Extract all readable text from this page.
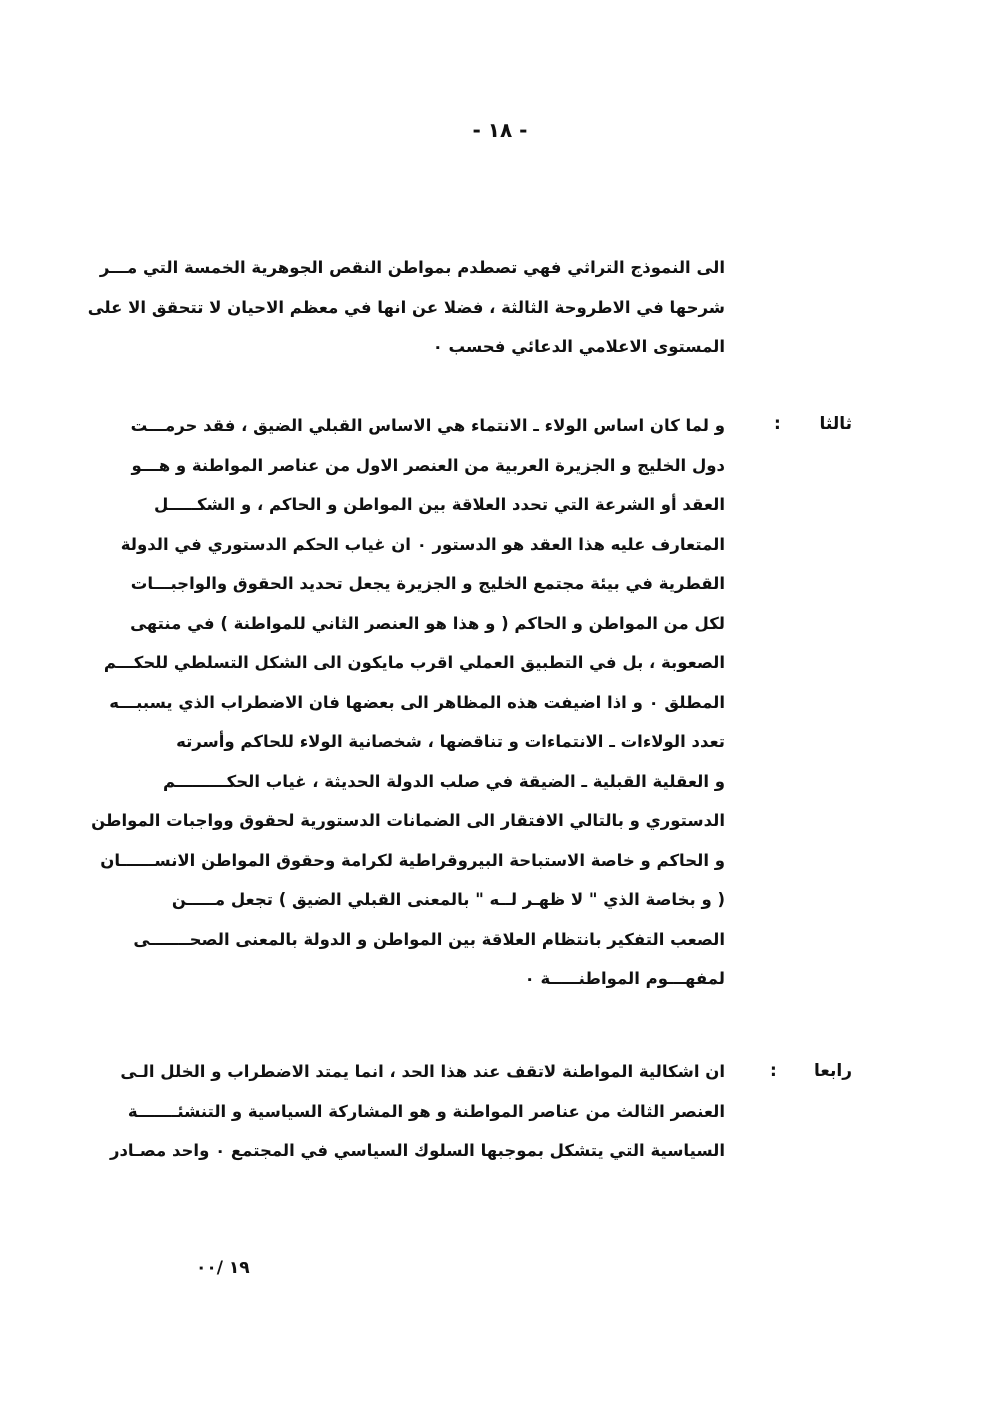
- ١٨ -
الى النموذج التراثي فهي تصطدم بمواطن النقص الجوهرية الخمسة التي مـــر
شرحها في الاطروحة الثالثة ، فضلا عن انها في معظم الاحيان لا تتحقق الا على
المستوى الاعلامي الدعائي فحسب ٠
ثالثا
:
و لما كان اساس الولاء ـ الانتماء هي الاساس القبلي الضيق ، فقد حرمـــت
دول الخليج و الجزيرة العربية من العنصر الاول من عناصر المواطنة و هـــو
العقد أو الشرعة التي تحدد العلاقة بين المواطن و الحاكم ، و الشكـــــل
المتعارف عليه هذا العقد هو الدستور ٠ ان غياب الحكم الدستوري في الدولة
القطرية في بيئة مجتمع الخليج و الجزيرة يجعل تحديد الحقوق والواجبـــات
لكل من المواطن و الحاكم ( و هذا هو العنصر الثاني للمواطنة ) في منتهى
الصعوبة ، بل في التطبيق العملي اقرب مايكون الى الشكل التسلطي للحكـــم
المطلق ٠ و اذا اضيفت هذه المظاهر الى بعضها فان الاضطراب الذي يسببـــه
تعدد الولاءات ـ الانتماءات و تناقضها ، شخصانية الولاء للحاكم وأسرته
و العقلية القبلية ـ الضيقة في صلب الدولة الحديثة ، غياب الحكـــــــــم
الدستوري و بالتالي الافتقار الى الضمانات الدستورية لحقوق وواجبات المواطن
و الحاكم و خاصة الاستباحة البيروقراطية لكرامة وحقوق المواطن الانســــــان
( و بخاصة الذي " لا ظهـر لــه " بالمعنى القبلي الضيق ) تجعل مـــــن
الصعب التفكير بانتظام العلاقة بين المواطن و الدولة بالمعنى الصحـــــــى
لمفهـــوم المواطنـــــة ٠
رابعا
:
ان اشكالية المواطنة لاتقف عند هذا الحد ، انما يمتد الاضطراب و الخلل الـى
العنصر الثالث من عناصر المواطنة و هو المشاركة السياسية و التنشئـــــــة
السياسية التي يتشكل بموجبها السلوك السياسي في المجتمع ٠ واحد مصـادر
١٩ /٠٠
